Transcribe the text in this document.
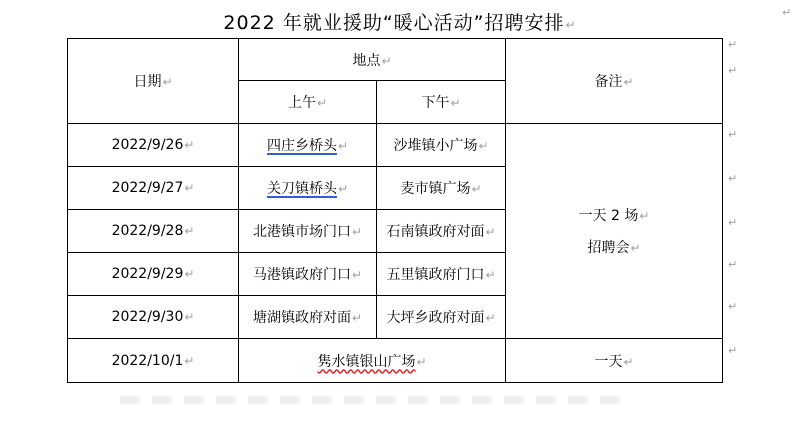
2022 年就业援助“暖心活动”招聘安排↵
↵
↵
↵
↵
↵
↵
↵
↵
↵
日期↵	地点↵		备注↵
	上午↵	下午↵	
2022/9/26↵	四庄乡桥头↵	沙堆镇小广场↵	一天 2 场↵
招聘会↵
2022/9/27↵	关刀镇桥头↵	麦市镇广场↵	
2022/9/28↵	北港镇市场门口↵	石南镇政府对面↵	
2022/9/29↵	马港镇政府门口↵	五里镇政府门口↵	
2022/9/30↵	塘湖镇政府对面↵	大坪乡政府对面↵	
2022/10/1↵	隽水镇银山广场↵		一天↵
